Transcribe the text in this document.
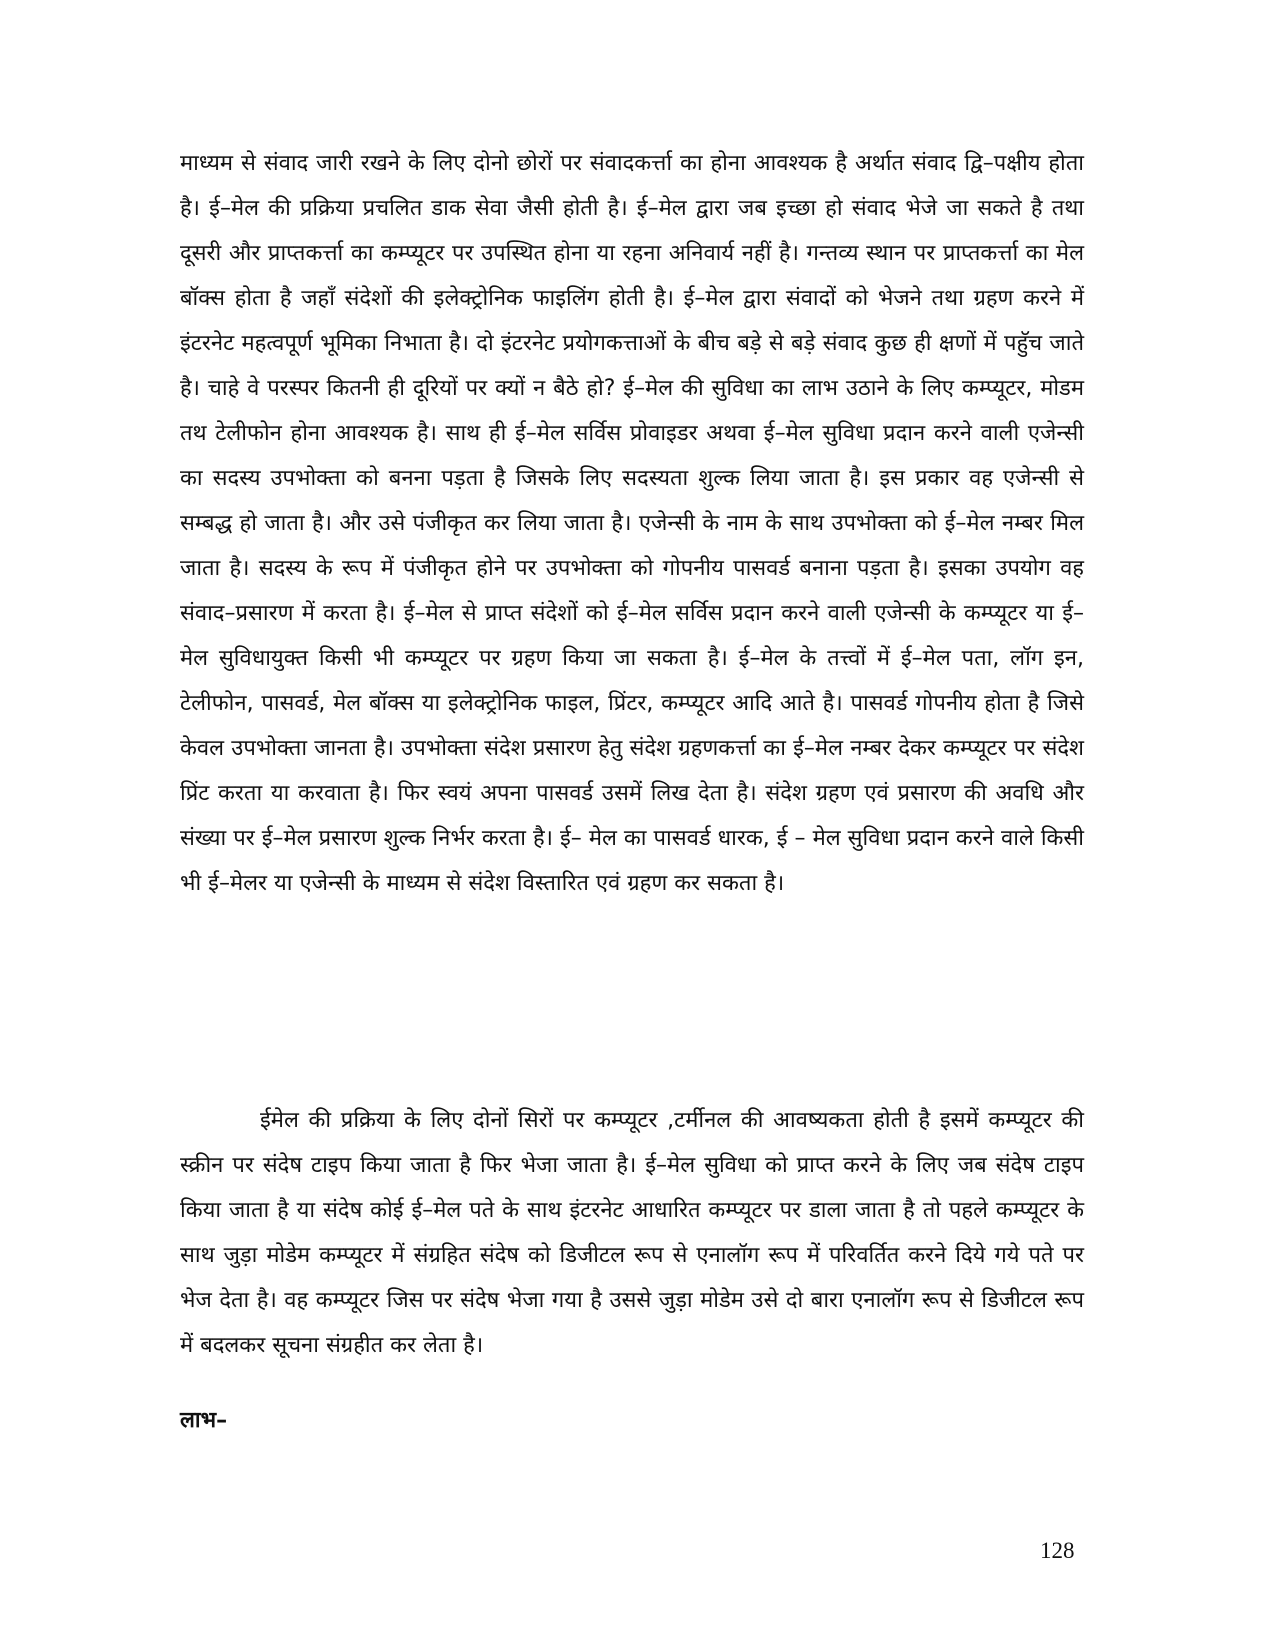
माध्यम से संवाद जारी रखने के लिए दोनो छोरों पर संवादकर्त्ता का होना आवश्यक है अर्थात संवाद द्वि–पक्षीय होता है। ई–मेल की प्रक्रिया प्रचलित डाक सेवा जैसी होती है। ई–मेल द्वारा जब इच्छा हो संवाद भेजे जा सकते है तथा दूसरी और प्राप्तकर्त्ता का कम्प्यूटर पर उपस्थित होना या रहना अनिवार्य नहीं है। गन्तव्य स्थान पर प्राप्तकर्त्ता का मेल बॉक्स होता है जहॉं संदेशों की इलेक्ट्रोनिक फाइलिंग होती है। ई–मेल द्वारा संवादों को भेजने तथा ग्रहण करने में इंटरनेट महत्वपूर्ण भूमिका निभाता है। दो इंटरनेट प्रयोगकत्ताओं के बीच बड़े से बड़े संवाद कुछ ही क्षणों में पहुॅच जाते है। चाहे वे परस्पर कितनी ही दूरियों पर क्यों न बैठे हो? ई–मेल की सुविधा का लाभ उठाने के लिए कम्प्यूटर, मोडम तथ टेलीफोन होना आवश्यक है। साथ ही ई–मेल सर्विस प्रोवाइडर अथवा ई–मेल सुविधा प्रदान करने वाली एजेन्सी का सदस्य उपभोक्ता को बनना पड़ता है जिसके लिए सदस्यता शुल्क लिया जाता है। इस प्रकार वह एजेन्सी से सम्बद्ध हो जाता है। और उसे पंजीकृत कर लिया जाता है। एजेन्सी के नाम के साथ उपभोक्ता को ई–मेल नम्बर मिल जाता है। सदस्य के रूप में पंजीकृत होने पर उपभोक्ता को गोपनीय पासवर्ड बनाना पड़ता है। इसका उपयोग वह संवाद–प्रसारण में करता है। ई–मेल से प्राप्त संदेशों को ई–मेल सर्विस प्रदान करने वाली एजेन्सी के कम्प्यूटर या ई–मेल सुविधायुक्त किसी भी कम्प्यूटर पर ग्रहण किया जा सकता है। ई–मेल के तत्त्वों में ई–मेल पता, लॉग इन, टेलीफोन, पासवर्ड, मेल बॉक्स या इलेक्ट्रोनिक फाइल, प्रिंटर, कम्प्यूटर आदि आते है। पासवर्ड गोपनीय होता है जिसे केवल उपभोक्ता जानता है। उपभोक्ता संदेश प्रसारण हेतु संदेश ग्रहणकर्त्ता का ई–मेल नम्बर देकर कम्प्यूटर पर संदेश प्रिंट करता या करवाता है। फिर स्वयं अपना पासवर्ड उसमें लिख देता है। संदेश ग्रहण एवं प्रसारण की अवधि और संख्या पर ई–मेल प्रसारण शुल्क निर्भर करता है। ई– मेल का पासवर्ड धारक, ई – मेल सुविधा प्रदान करने वाले किसी भी ई–मेलर या एजेन्सी के माध्यम से संदेश विस्तारित एवं ग्रहण कर सकता है।

ईमेल की प्रक्रिया के लिए दोनों सिरों पर कम्प्यूटर ,टर्मीनल की आवष्यकता होती है इसमें कम्प्यूटर की स्क्रीन पर संदेष टाइप किया जाता है फिर भेजा जाता है। ई–मेल सुविधा को प्राप्त करने के लिए जब संदेष टाइप किया जाता है या संदेष कोई ई–मेल पते के साथ इंटरनेट आधारित कम्प्यूटर पर डाला जाता है तो पहले कम्प्यूटर के साथ जुड़ा मोडेम कम्प्यूटर में संग्रहित संदेष को डिजीटल रूप से एनालॉग रूप में परिवर्तित करने दिये गये पते पर भेज देता है। वह कम्प्यूटर जिस पर संदेष भेजा गया है उससे जुड़ा मोडेम उसे दो बारा एनालॉग रूप से डिजीटल रूप में बदलकर सूचना संग्रहीत कर लेता है।

लाभ–

128
